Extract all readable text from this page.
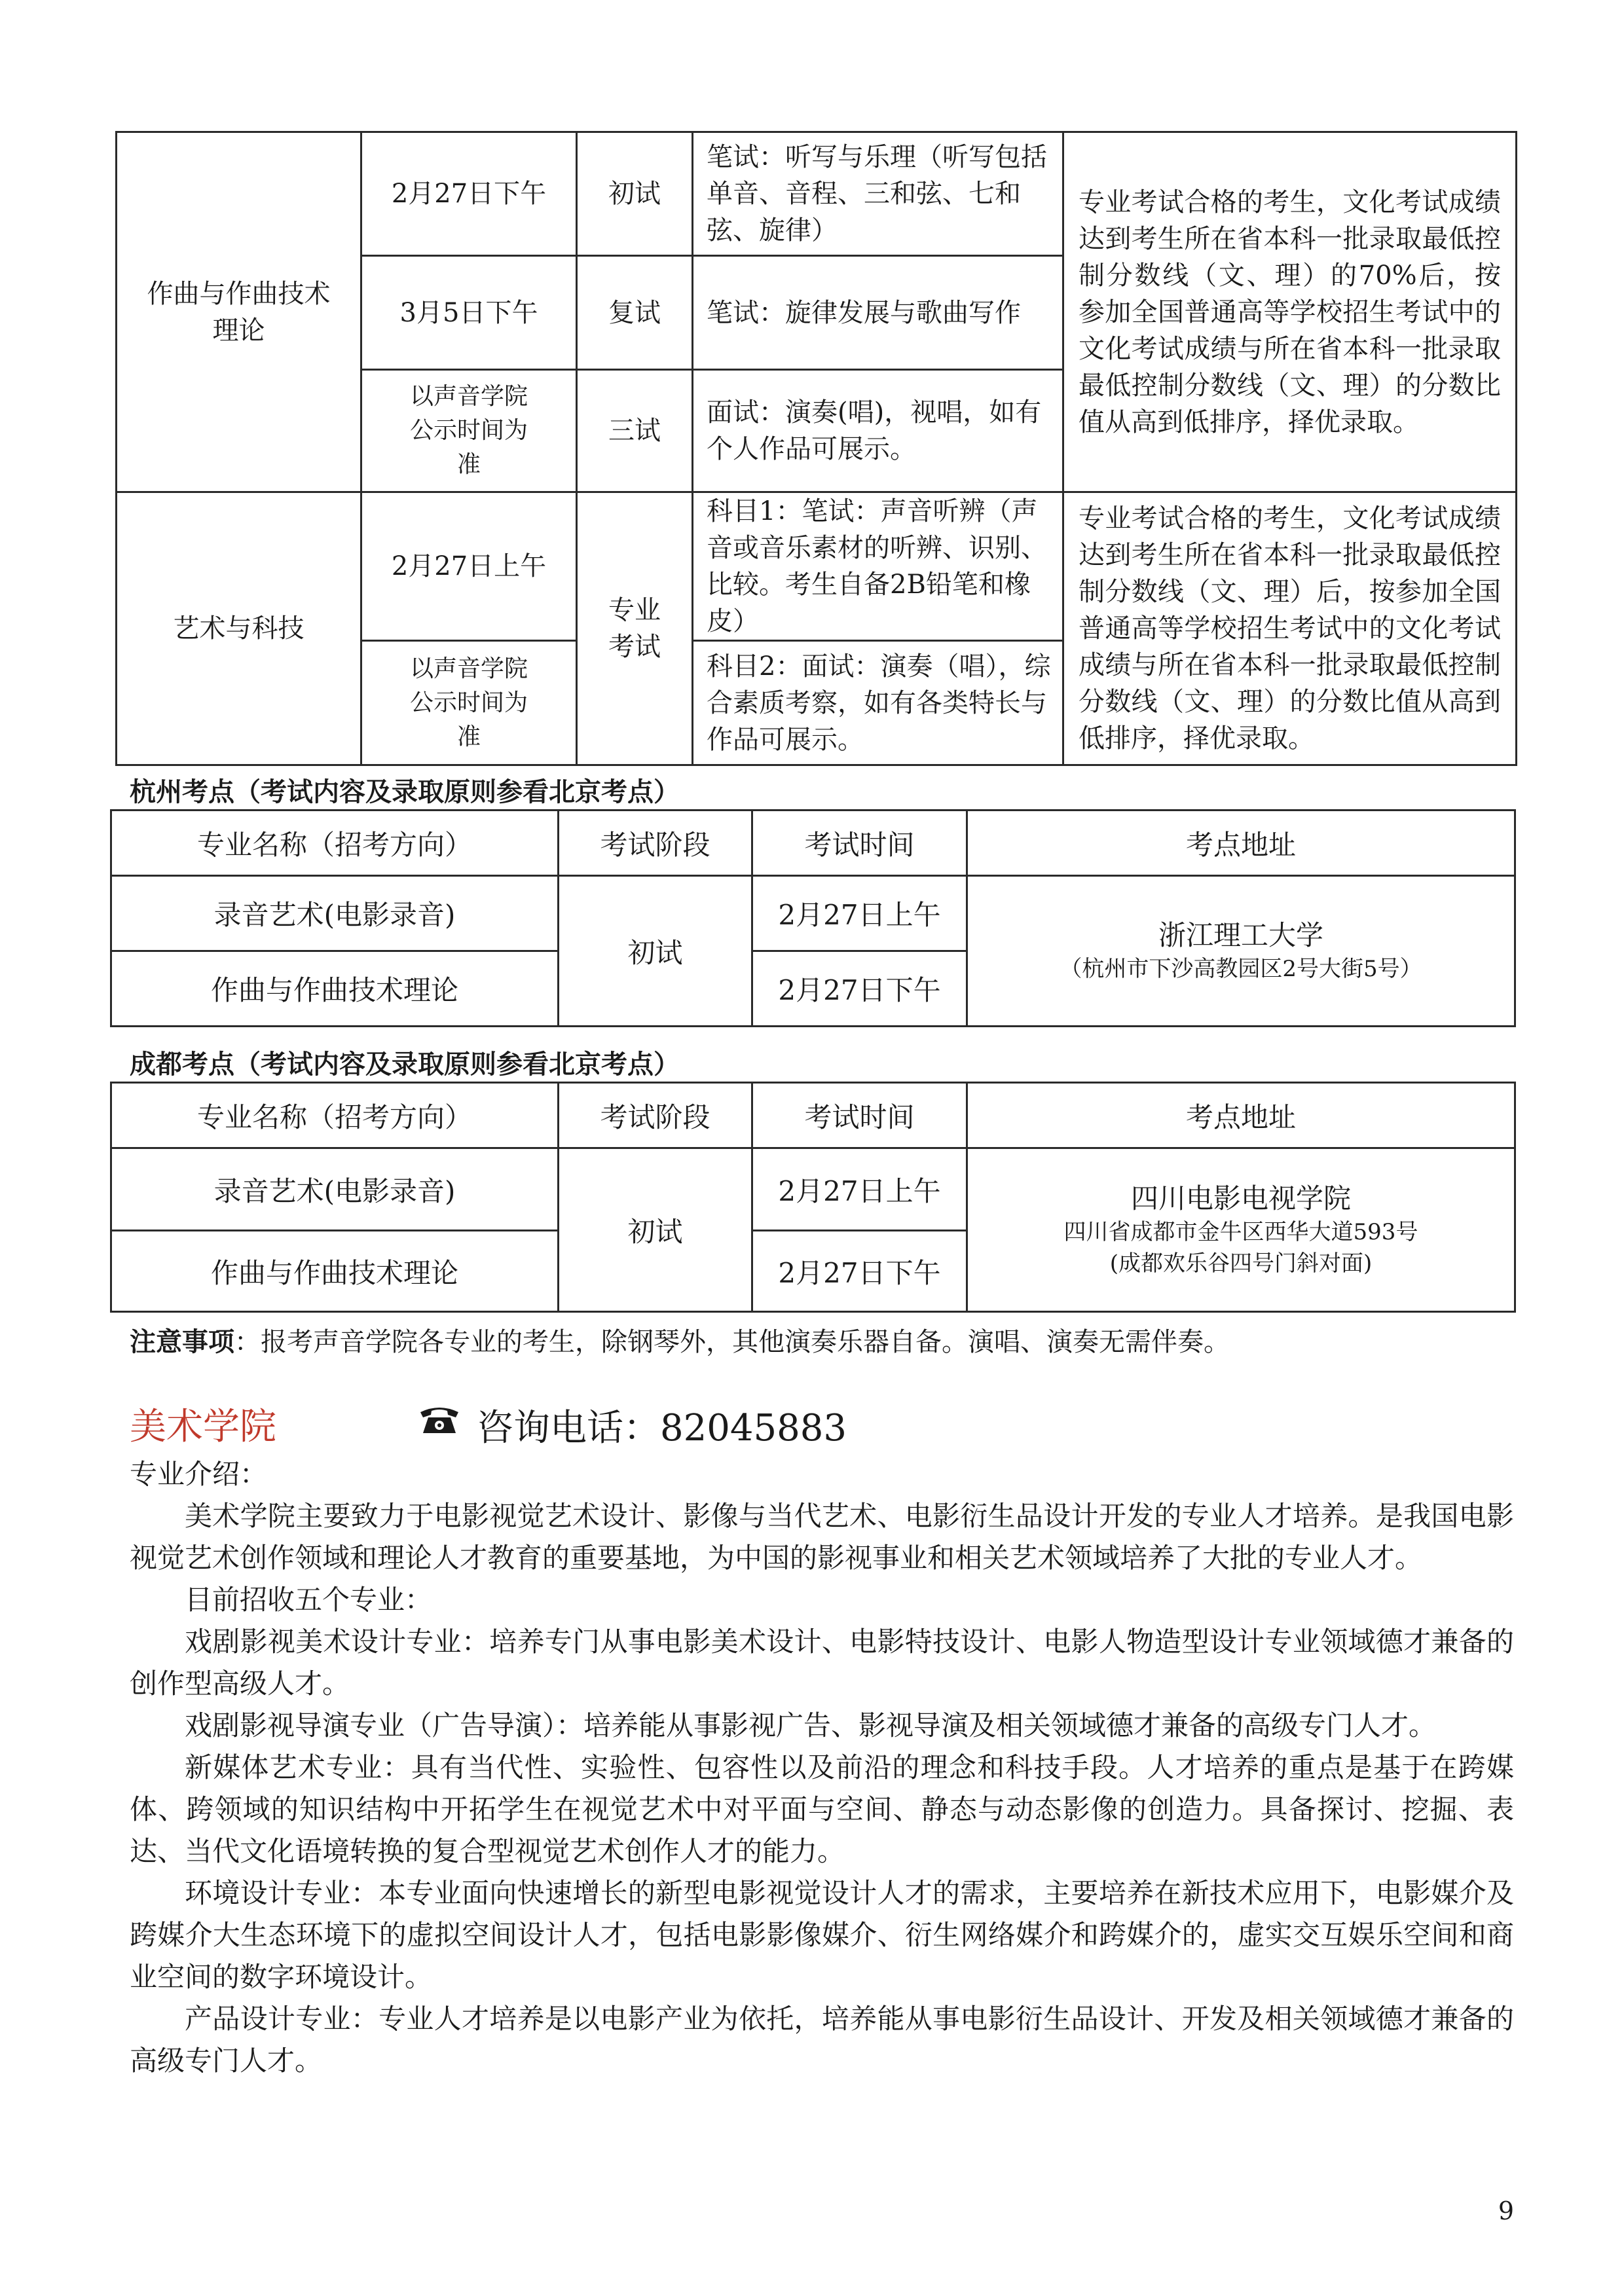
作曲与作曲技术理论	2月27日下午	初试	笔试：听写与乐理（听写包括单音、音程、三和弦、七和弦、旋律）	专业考试合格的考生，文化考试成绩达到考生所在省本科一批录取最低控制分数线（文、理）的70%后，按参加全国普通高等学校招生考试中的文化考试成绩与所在省本科一批录取最低控制分数线（文、理）的分数比值从高到低排序，择优录取。
	3月5日下午	复试	笔试：旋律发展与歌曲写作	
	以声音学院公示时间为准	三试	面试：演奏(唱)，视唱，如有个人作品可展示。	
艺术与科技	2月27日上午	专业考试	科目1：笔试：声音听辨（声音或音乐素材的听辨、识别、比较。考生自备2B铅笔和橡皮）	专业考试合格的考生，文化考试成绩达到考生所在省本科一批录取最低控制分数线（文、理）后，按参加全国普通高等学校招生考试中的文化考试成绩与所在省本科一批录取最低控制分数线（文、理）的分数比值从高到低排序，择优录取。
	以声音学院公示时间为准		科目2：面试：演奏（唱），综合素质考察，如有各类特长与作品可展示。	
杭州考点（考试内容及录取原则参看北京考点）
专业名称（招考方向）	考试阶段	考试时间	考点地址
录音艺术(电影录音)	初试	2月27日上午	浙江理工大学
（杭州市下沙高教园区2号大街5号）

作曲与作曲技术理论		2月27日下午	
成都考点（考试内容及录取原则参看北京考点）
专业名称（招考方向）	考试阶段	考试时间	考点地址
录音艺术(电影录音)	初试	2月27日上午	四川电影电视学院
四川省成都市金牛区西华大道593号
(成都欢乐谷四号门斜对面)

作曲与作曲技术理论		2月27日下午	
注意事项：报考声音学院各专业的考生，除钢琴外，其他演奏乐器自备。演唱、演奏无需伴奏。
美术学院	咨询电话：82045883
专业介绍：

美术学院主要致力于电影视觉艺术设计、影像与当代艺术、电影衍生品设计开发的专业人才培养。是我国电影视觉艺术创作领域和理论人才教育的重要基地，为中国的影视事业和相关艺术领域培养了大批的专业人才。

目前招收五个专业：

戏剧影视美术设计专业：培养专门从事电影美术设计、电影特技设计、电影人物造型设计专业领域德才兼备的创作型高级人才。

戏剧影视导演专业（广告导演）：培养能从事影视广告、影视导演及相关领域德才兼备的高级专门人才。

新媒体艺术专业：具有当代性、实验性、包容性以及前沿的理念和科技手段。人才培养的重点是基于在跨媒体、跨领域的知识结构中开拓学生在视觉艺术中对平面与空间、静态与动态影像的创造力。具备探讨、挖掘、表达、当代文化语境转换的复合型视觉艺术创作人才的能力。

环境设计专业：本专业面向快速增长的新型电影视觉设计人才的需求，主要培养在新技术应用下，电影媒介及跨媒介大生态环境下的虚拟空间设计人才，包括电影影像媒介、衍生网络媒介和跨媒介的，虚实交互娱乐空间和商业空间的数字环境设计。

产品设计专业：专业人才培养是以电影产业为依托，培养能从事电影衍生品设计、开发及相关领域德才兼备的高级专门人才。

9
